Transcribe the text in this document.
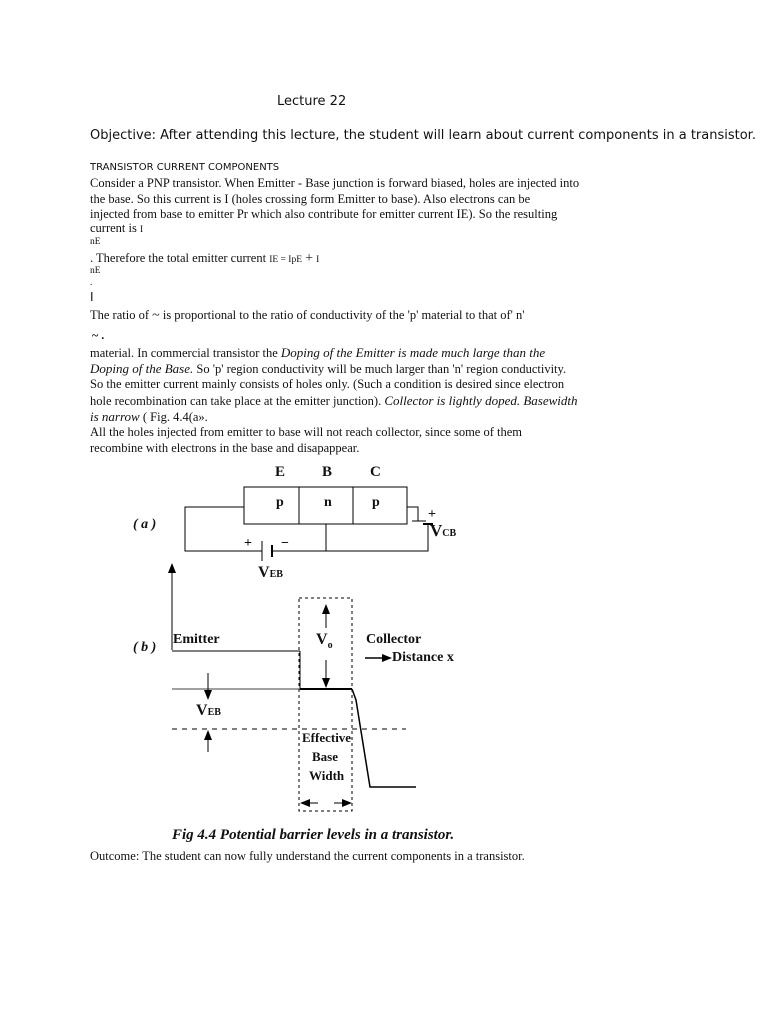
Lecture 22
Objective: After attending this lecture, the student will learn about current components in a transistor.
TRANSISTOR CURRENT COMPONENTS
Consider a PNP transistor. When Emitter - Base junction is forward biased, holes are injected into
the base. So this current is I (holes crossing form Emitter to base). Also electrons can be
injected from base to emitter Pr which also contribute for emitter current IE). So the resulting
current is I
nE
. Therefore the total emitter current IE = IpE + I
nE
.
I
The ratio of ~ is proportional to the ratio of conductivity of the 'p' material to that of' n'
~ .
material. In commercial transistor the Doping of the Emitter is made much large than the
Doping of the Base. So 'p' region conductivity will be much larger than 'n' region conductivity.
So the emitter current mainly consists of holes only. (Such a condition is desired since electron
hole recombination can take place at the emitter junction). Collector is lightly doped. Basewidth
is narrow ( Fig. 4.4(a».
All the holes injected from emitter to base will not reach collector, since some of them
recombine with electrons in the base and disapappear.
E B	C
p	n	p
( a )
+
VCB
+ −
VEB
( b )
Emitter	Collector
Distance x
$V_o$
VEB
Effective
Base
Width
Fig 4.4 Potential barrier levels in a transistor.
Outcome: The student can now fully understand the current components in a transistor.
